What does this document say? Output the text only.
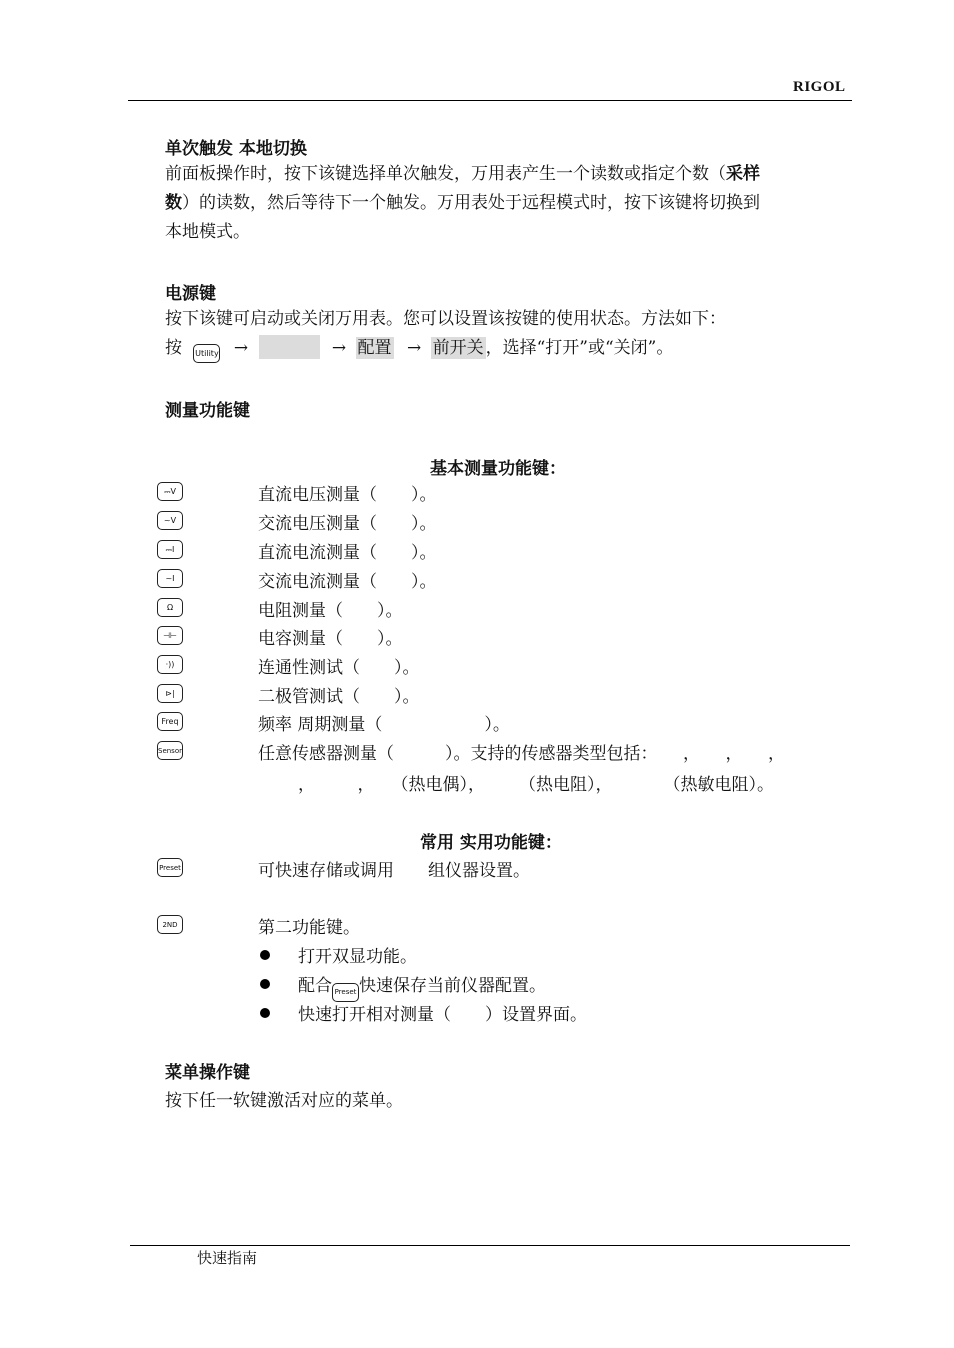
RIGOL
单次触发 本地切换
前面板操作时，按下该键选择单次触发，万用表产生一个读数或指定个数（采样
数）的读数，然后等待下一个触发。万用表处于远程模式时，按下该键将切换到
本地模式。
电源键
按下该键可启动或关闭万用表。您可以设置该按键的使用状态。方法如下：
按 Utility →	→ 配置 → 前开关 ，选择“打开”或“关闭”。
测量功能键
基本测量功能键：
⎓V	直流电压测量（　　）。
~V	交流电压测量（　　）。
⎓I	直流电流测量（　　）。
~I	交流电流测量（　　）。
Ω	电阻测量（　　）。
⊣⊢	电容测量（　　）。
·))	连通性测试（　　）。
⊳|	二极管测试（　　）。
Freq	频率 周期测量（　　　　　　）。
Sensor	任意传感器测量（　　　）。支持的传感器类型包括：　　，　　，　　，
，　　　，　　（热电偶），　　　（热电阻），　　　　（热敏电阻）。
常用 实用功能键：
Preset	可快速存储或调用　　组仪器设置。
2ND	第二功能键。
打开双显功能。
配合 Preset 快速保存当前仪器配置。
快速打开相对测量（　　）设置界面。
菜单操作键
按下任一软键激活对应的菜单。
快速指南
